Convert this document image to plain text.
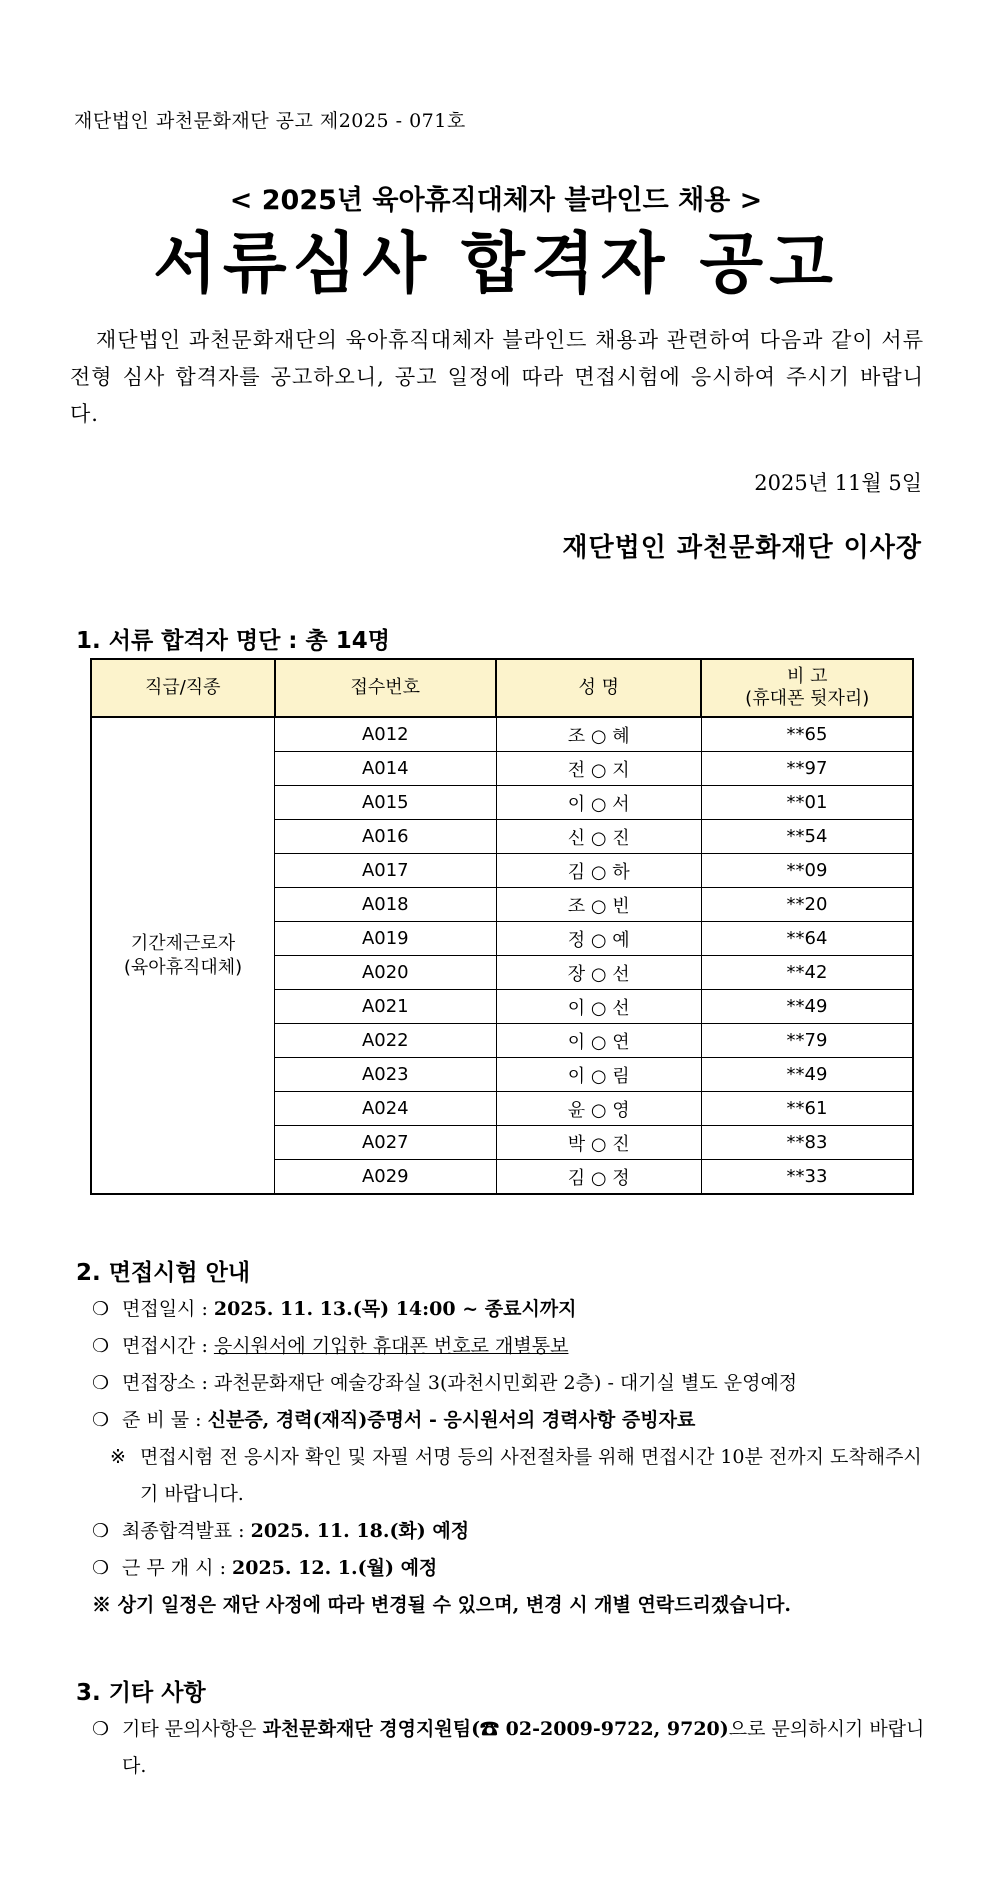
재단법인 과천문화재단 공고 제2025 - 071호
< 2025년 육아휴직대체자 블라인드 채용 >
서류심사 합격자 공고
재단법인 과천문화재단의 육아휴직대체자 블라인드 채용과 관련하여 다음과 같이 서류전형 심사 합격자를 공고하오니, 공고 일정에 따라 면접시험에 응시하여 주시기 바랍니다.
2025년 11월 5일
재단법인 과천문화재단 이사장
1. 서류 합격자 명단 : 총 14명
직급/직종	접수번호	성 명	비 고
(휴대폰 뒷자리)
기간제근로자
(육아휴직대체)	A012	조 ○ 혜	**65
	A014	전 ○ 지	**97
	A015	이 ○ 서	**01
	A016	신 ○ 진	**54
	A017	김 ○ 하	**09
	A018	조 ○ 빈	**20
	A019	정 ○ 예	**64
	A020	장 ○ 선	**42
	A021	이 ○ 선	**49
	A022	이 ○ 연	**79
	A023	이 ○ 림	**49
	A024	윤 ○ 영	**61
	A027	박 ○ 진	**83
	A029	김 ○ 정	**33
2. 면접시험 안내
❍ 면접일시 : 2025. 11. 13.(목) 14:00 ~ 종료시까지
❍ 면접시간 : 응시원서에 기입한 휴대폰 번호로 개별통보
❍ 면접장소 : 과천문화재단 예술강좌실 3(과천시민회관 2층) - 대기실 별도 운영예정
❍ 준 비 물 : 신분증, 경력(재직)증명서 - 응시원서의 경력사항 증빙자료
※ 면접시험 전 응시자 확인 및 자필 서명 등의 사전절차를 위해 면접시간 10분 전까지 도착해주시기 바랍니다.
❍ 최종합격발표 : 2025. 11. 18.(화) 예정
❍ 근 무 개 시 : 2025. 12. 1.(월) 예정
※ 상기 일정은 재단 사정에 따라 변경될 수 있으며, 변경 시 개별 연락드리겠습니다.
3. 기타 사항
❍ 기타 문의사항은 과천문화재단 경영지원팀(☎ 02-2009-9722, 9720)으로 문의하시기 바랍니다.
